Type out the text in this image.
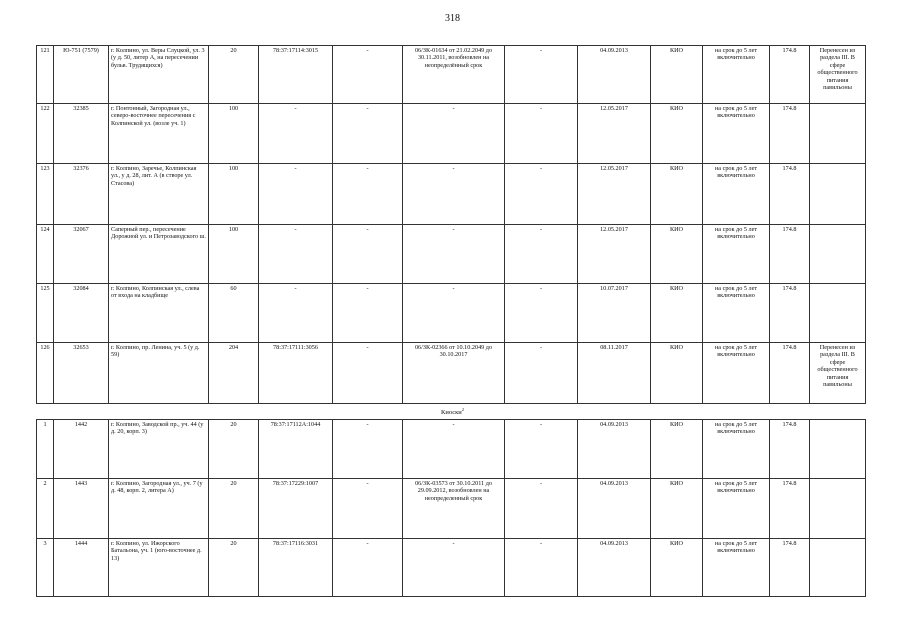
318
121	Ю-751 (7579)	г. Колпино, ул. Веры Слуцкой, ул. 3 (у д. 50, литер А, на пересечении бульв. Трудящихся)	20	78:37:17114:3015	-	06/ЗК-01634 от 21.02.2049 до 30.11.2011, возобновлен на неопределённый срок	-	04.09.2013	КИО	на срок до 5 лет включительно	174.8	Перенесен из раздела III. В сфере общественного питания павильоны
122	32385	г. Понтонный, Загородная ул., северо-восточнее пересечения с Колпинской ул. (возле уч. 1)	100	-	-	-	-	12.05.2017	КИО	на срок до 5 лет включительно	174.8	
123	32376	г. Колпино, Заречье, Колпинская ул., у д. 28, лит. А (в створе ул. Стасова)	100	-	-	-	-	12.05.2017	КИО	на срок до 5 лет включительно	174.8	
124	32067	Саперный пер., пересечение Дорожной ул. и Петрозаводского ш.	100	-	-	-	-	12.05.2017	КИО	на срок до 5 лет включительно	174.8	
125	32084	г. Колпино, Колпинская ул., слева от входа на кладбище	60	-	-	-	-	10.07.2017	КИО	на срок до 5 лет включительно	174.8	
126	32653	г. Колпино, пр. Ленина, уч. 5 (у д. 59)	204	78:37:17111:3056	-	06/ЗК-02366 от 10.10.2049 до 30.10.2017	-	08.11.2017	КИО	на срок до 5 лет включительно	174.8	Перенесен из раздела III. В сфере общественного питания павильоны
Киоски$^2$
1	1442	г. Колпино, Заводской пр., уч. 44 (у д. 20, корп. 3)	20	78:37:17112А:1044	-	-	-	04.09.2013	КИО	на срок до 5 лет включительно	174.8	
2	1443	г. Колпино, Загородная ул., уч. 7 (у д. 48, корп. 2, литера А)	20	78:37:17229:1007	-	06/ЗК-03573 от 30.10.2011 до 29.09.2012, возобновлен на неопределенный срок	-	04.09.2013	КИО	на срок до 5 лет включительно	174.8	
3	1444	г. Колпино, ул. Ижорского Батальона, уч. 1 (юго-восточнее д. 13)	20	78:37:17116:3031	-	-	-	04.09.2013	КИО	на срок до 5 лет включительно	174.8	
